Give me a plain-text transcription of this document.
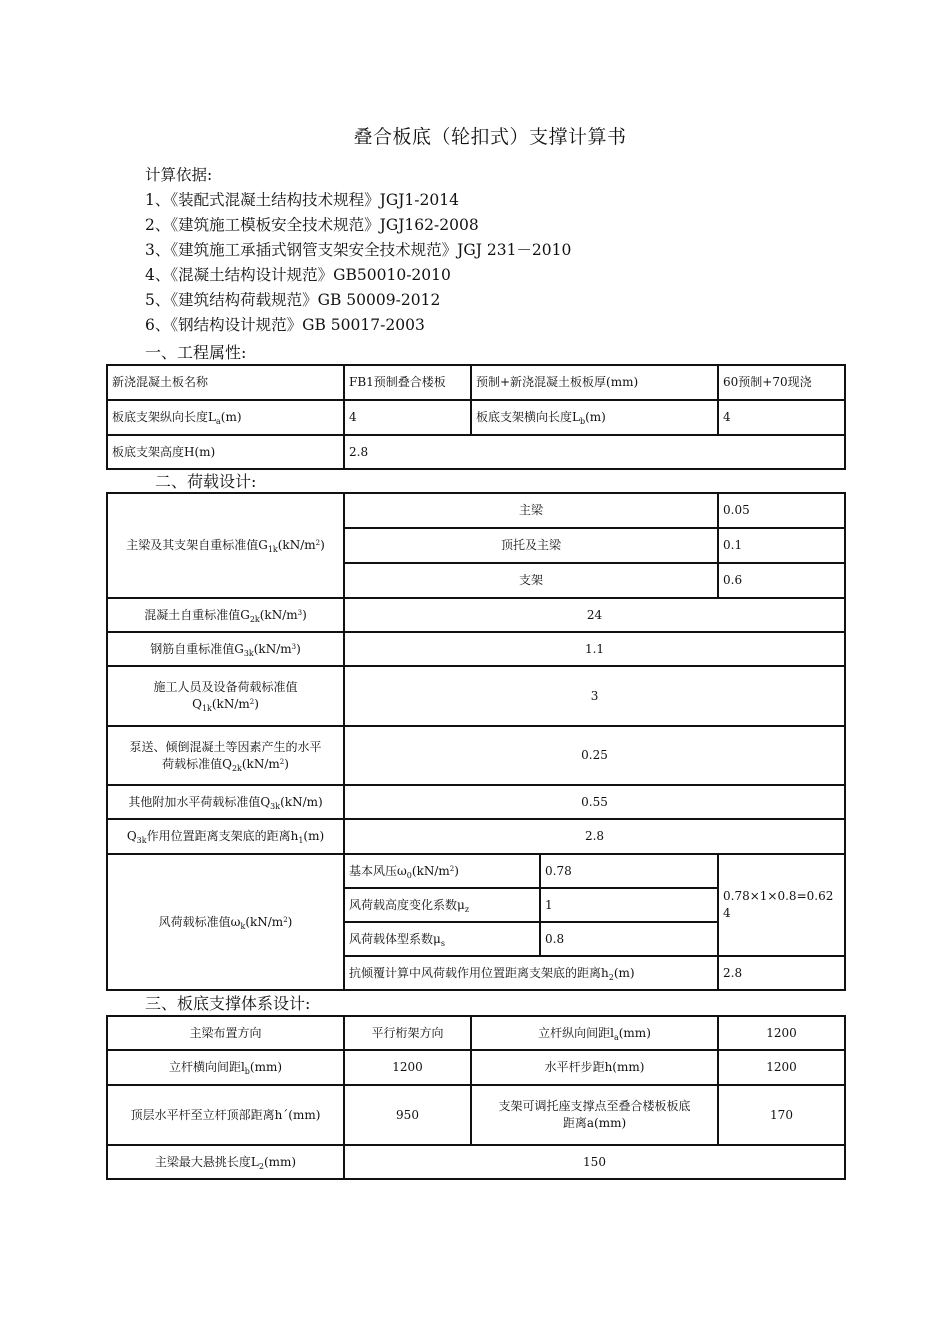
叠合板底（轮扣式）支撑计算书
计算依据:
1、《装配式混凝土结构技术规程》JGJ1-2014
2、《建筑施工模板安全技术规范》JGJ162-2008
3、《建筑施工承插式钢管支架安全技术规范》JGJ 231－2010
4、《混凝土结构设计规范》GB50010-2010
5、《建筑结构荷载规范》GB 50009-2012
6、《钢结构设计规范》GB 50017-2003
一、工程属性:
新浇混凝土板名称	FB1预制叠合楼板	预制+新浇混凝土板板厚(mm)	60预制+70现浇
板底支架纵向长度$L_a(m)$	4	板底支架横向长度$L_b(m)$	4
板底支架高度H(m)	2.8		
二、荷载设计:
主梁及其支架自重标准值$G_{1k}(kN/m^2)$	主梁		0.05
	顶托及主梁		0.1
	支架		0.6
混凝土自重标准值$G_{2k}(kN/m^3)$	24		
钢筋自重标准值$G_{3k}(kN/m^3)$	1.1		

施工人员及设备荷载标准值
$Q_{1k}(kN/m^2)$	3		

泵送、倾倒混凝土等因素产生的水平
荷载标准值$Q_{2k}(kN/m^2)$	0.25		
其他附加水平荷载标准值$Q_{3k}(kN/m)$	0.55		
$Q_{3k}$作用位置距离支架底的距离$h_1(m)$	2.8		
风荷载标准值$\omega_k(kN/m^2)$	基本风压$\omega_0(kN/m^2)$	0.78	0.78×1×0.8=0.624
	风荷载高度变化系数$\mu_z$	1	
	风荷载体型系数$\mu_s$	0.8	
	抗倾覆计算中风荷载作用位置距离支架底的距离$h_2(m)$		2.8
三、板底支撑体系设计:
主梁布置方向	平行桁架方向	立杆纵向间距$l_a(mm)$	1200
立杆横向间距$l_b(mm)$	1200	水平杆步距h(mm)	1200
顶层水平杆至立杆顶部距离h´(mm)	950	支架可调托座支撑点至叠合楼板板底
距离a(mm)	170
主梁最大悬挑长度$L_2(mm)$	150		
